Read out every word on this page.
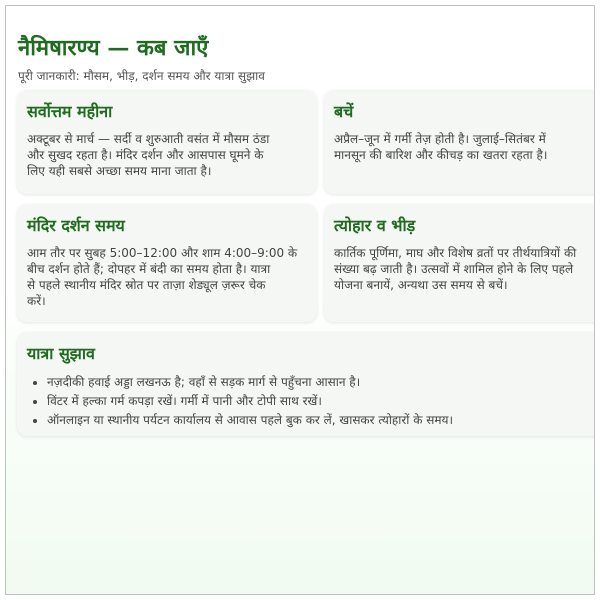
नैमिषारण्य — कब जाएँ

पूरी जानकारी: मौसम, भीड़, दर्शन समय और यात्रा सुझाव

सर्वोत्तम महीना

अक्टूबर से मार्च — सर्दी व शुरुआती वसंत में मौसम ठंडा
और सुखद रहता है। मंदिर दर्शन और आसपास घूमने के
लिए यही सबसे अच्छा समय माना जाता है।

बचें

अप्रैल–जून में गर्मी तेज़ होती है। जुलाई–सितंबर में
मानसून की बारिश और कीचड़ का खतरा रहता है।

मंदिर दर्शन समय

आम तौर पर सुबह 5:00–12:00 और शाम 4:00–9:00 के
बीच दर्शन होते हैं; दोपहर में बंदी का समय होता है। यात्रा
से पहले स्थानीय मंदिर स्रोत पर ताज़ा शेड्यूल ज़रूर चेक
करें।

त्योहार व भीड़

कार्तिक पूर्णिमा, माघ और विशेष व्रतों पर तीर्थयात्रियों की
संख्या बढ़ जाती है। उत्सवों में शामिल होने के लिए पहले
योजना बनायें, अन्यथा उस समय से बचें।

यात्रा सुझाव
• नज़दीकी हवाई अड्डा लखनऊ है; वहाँ से सड़क मार्ग से पहुँचना आसान है।
• विंटर में हल्का गर्म कपड़ा रखें। गर्मी में पानी और टोपी साथ रखें।
• ऑनलाइन या स्थानीय पर्यटन कार्यालय से आवास पहले बुक कर लें, खासकर त्योहारों के समय।
